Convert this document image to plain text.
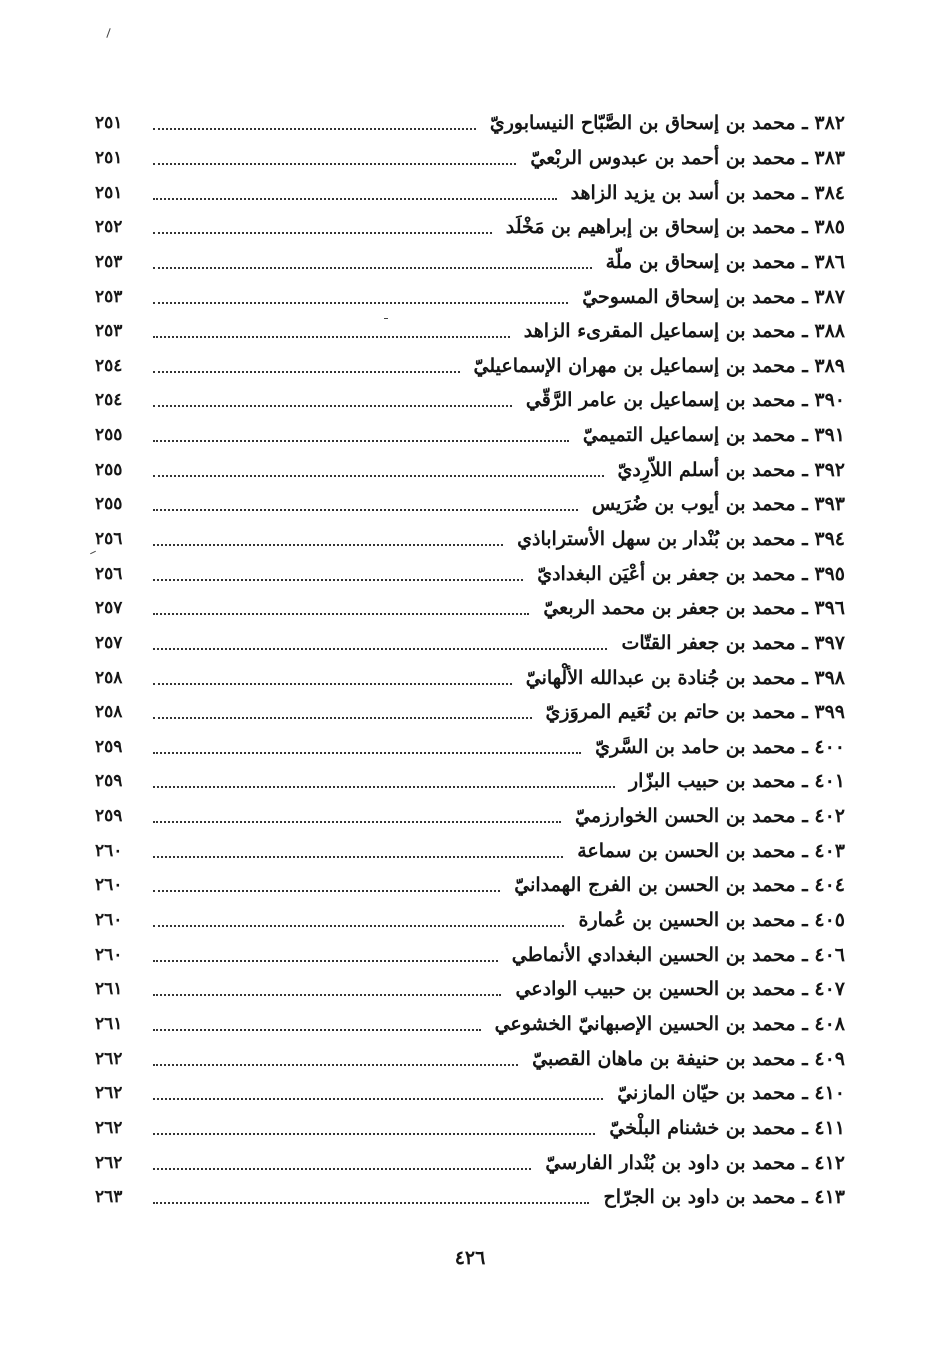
٣٨٢ ـ محمد بن إسحاق بن الصَّبّاح النيسابوريّ
٢٥١
٣٨٣ ـ محمد بن أحمد بن عبدوس الربْعيّ
٢٥١
٣٨٤ ـ محمد بن أسد بن يزيد الزاهد
٢٥١
٣٨٥ ـ محمد بن إسحاق بن إبراهيم بن مَخْلَد
٢٥٢
٣٨٦ ـ محمد بن إسحاق بن ملّة
٢٥٣
٣٨٧ ـ محمد بن إسحاق المسوحيّ
٢٥٣
٣٨٨ ـ محمد بن إسماعيل المقرىء الزاهد
٢٥٣
٣٨٩ ـ محمد بن إسماعيل بن مهران الإسماعيليّ
٢٥٤
٣٩٠ ـ محمد بن إسماعيل بن عامر الرَّقّي
٢٥٤
٣٩١ ـ محمد بن إسماعيل التميميّ
٢٥٥
٣٩٢ ـ محمد بن أسلم اللاّرِديّ
٢٥٥
٣٩٣ ـ محمد بن أيوب بن ضُرَيس
٢٥٥
٣٩٤ ـ محمد بن بُنْدار بن سهل الأستراباذي
٢٥٦
٣٩٥ ـ محمد بن جعفر بن أعْيَن البغداديّ
٢٥٦
٣٩٦ ـ محمد بن جعفر بن محمد الربعيّ
٢٥٧
٣٩٧ ـ محمد بن جعفر القتّات
٢٥٧
٣٩٨ ـ محمد بن جُنادة بن عبدالله الألْهانيّ
٢٥٨
٣٩٩ ـ محمد بن حاتم بن نُعَيم المروَزيّ
٢٥٨
٤٠٠ ـ محمد بن حامد بن السَّريّ
٢٥٩
٤٠١ ـ محمد بن حبيب البزّار
٢٥٩
٤٠٢ ـ محمد بن الحسن الخوارزميّ
٢٥٩
٤٠٣ ـ محمد بن الحسن بن سماعة
٢٦٠
٤٠٤ ـ محمد بن الحسن بن الفرج الهمدانيّ
٢٦٠
٤٠٥ ـ محمد بن الحسين بن عُمارة
٢٦٠
٤٠٦ ـ محمد بن الحسين البغدادي الأنماطي
٢٦٠
٤٠٧ ـ محمد بن الحسين بن حبيب الوادعي
٢٦١
٤٠٨ ـ محمد بن الحسين الإصبهانيّ الخشوعي
٢٦١
٤٠٩ ـ محمد بن حنيفة بن ماهان القصبيّ
٢٦٢
٤١٠ ـ محمد بن حيّان المازنيّ
٢٦٢
٤١١ ـ محمد بن خشنام البلْخيّ
٢٦٢
٤١٢ ـ محمد بن داود بن بُنْدار الفارسيّ
٢٦٢
٤١٣ ـ محمد بن داود بن الجرّاح
٢٦٣
٤٢٦
